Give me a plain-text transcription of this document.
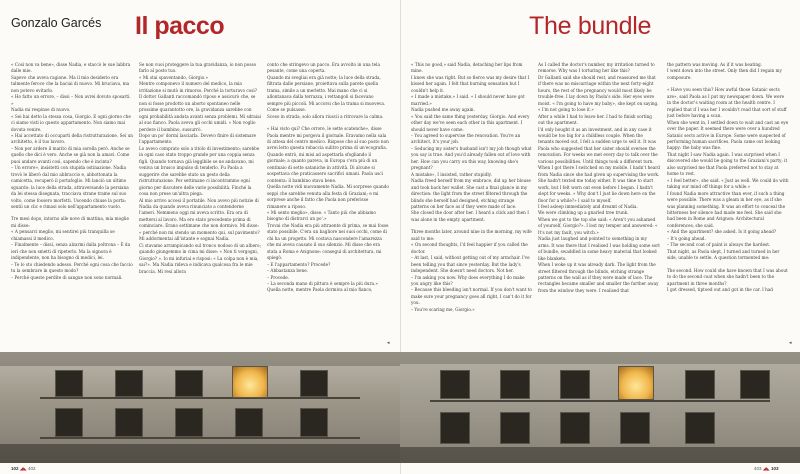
Gonzalo Garcés Il pacco

« Così non va bene», disse Nadia, e staccò le sue labbra dalle mie.

Sapevo che aveva ragione. Ma il mio desiderio era talmente feroce che la baciai di nuovo. Mi bruciava, ma non potevo evitarlo.

« Ho fatto un errore, – dissi – Non avrei dovuto sposarti. »

Nadia mi respinse di nuovo.

« Sei hai detto la stessa cosa, Giorgio. E ogni giorno che ci siamo visti io questo appartamento. Non siamo mai dovuta venire.

« Hai accettato di occuparti della ristrutturazione. Sei un architetto, è il tuo lavoro.

– Non per ardere il marito di mia sorella però. Anche se quello che dici è vero. Anche se già non la amavi. Come puoi andare avanti così, sapendo che è incinta?

– Un errore», insistetti con stupida ostinazione. Nadia trovò le liberò dal mio abbraccio e, abbottonata la camicetta, recuperò il portafoglio. Mi lanciò un ultimo sguardo: la luce della strada, attraversando la persiana da lei stessa disegnata, tracciava strane trame sul suo volto, come fossero morfetti. Uscendo chiuse la porta: sentii un clic e rimasi solo nell'appartamento vuoto.

Tre mesi dopo, intorno alle nove di mattina, mia moglie mi disse:

« A pensarci meglio, mi sentirei più tranquilla se chiamassi il medico.

– Finalmente – dissi, senza alzarmi dalla poltrona – È da ieri che non smetti di ripeterlo. Ma la signora è indipendente, non ha bisogno di medici, lei.

– Te lo sto chiedendo adesso. Perché ogni cosa che faccio tu la sembrare in questo modo?

– Perché queste perdite di sangue non sono normali.

Se non vuoi proteggere la tua gravidanza, io non posso farlo al posto tuo.

« Mi stai spaventando, Giorgio.»

Mentre componevo il numero del medico, la mia irritazione si mutò in rimorso. Perché la torturavo così? Il dottor Gallanti raccomandò riposo e assicurò che, se non si fosse prodotto un aborto spontaneo nelle prossime quarantotto ore, la gravidanza sarebbe con ogni probabilità andata avanti senza problemi. Mi sdraiai al suo fianco. Paola aveva gli occhi umidi. « Non voglio perdere il bambino, sussurrò.

Dopo un po' dormì lasciarla. Dovevo finire di sistemare l'appartamento.

Lo avevo comprato solo a titolo di investimento; sarebbe in ogni caso stato troppo grande per una coppia senza figli. Quando tornava già leggibile se ne andavano, mi veniva un brusco impulso di tenderlo. Fu Paola a suggerire che sarebbe stato un gesto della ristrutturazione. Per settimane ci incontrammo ogni giorno per discutere delle varie possibilità. Finché la cosa non prese un'altra piega.

Al mio arrivo accesi il portatile. Non avevo più notizie di Nadia da quando aveva rinunciato a contenderne l'ameri. Nemmeno oggi mi aveva scritto. Era ora di mettersi al lavoro. Ma ero stato precedente prima di cominciare. Erano settimane che non dormivo. Mi disse: « perché non mi stendo un momento qui, sul pavimento?

Mi addormentai all'istante e sognai Nadia.

Ci stavamo arrampicando sul tronco nodoso di un albero; quando giungemmo in cima mi disse: « Non ti vergogni, Giorgio? ». Io mi infuriai e risposi: « La colpa non è mia, sai?». Ma Nadia rideva e indicava qualcosa fra le mie braccia. Mi resi allora

conto che stringevo un pacco. Era avvolto in una tela pesante, come una coperta.

Quando mi svegliai era già notte; la luce della strada, filtrata dalle persiane, proiettava sulla parete quella trama, simile a un merletto. Mai mano che ci si allontanava dalla terrazza, i rettangoli si facevano sempre più piccoli. Mi accorsi che la trama si muoveva. Come se pulsasse.

Sceso in strada, solo allora riuscii a ritrovare la calma.

« Hai visto qui? Che orrore, le sette scatenche», disse Paola mentre mi porgeva il giornale. Eravamo nella sala di attesa del centro medico. Rispose che al suo posto non avrei letto questa robaccia sulitro prima di un'ecografia.

Quando entrò, mi misi ad aspettarla sfogliando il giornale; a quanto pareva, in Europa c'era più di un centinaio di sette sataniche in attività. Di alcune si sospettava che praticassero sacrifici umani. Paola uscì contenta: il bambino stava bene.

Quella notte vidi nuovamente Nadia. Mi sorprese quando seppi che sarebbe venuta alla festa di Graziani; e mi sorprese anche il fatto che Paola non preferisse rimanere a riposo.

« Mi sento meglio», disse. « Tanto più che abbiamo bisogno di distrarci un po'.»

Trovai che Nadia era più attraente di prima, se mai fosse stato possibile. C'era un bagliore nei suoi occhi, come di chi ha un progetto. Mi costava nascondere l'amarezza che mi aveva causato il suo silenzio. Mi disse che era stata a Roma e Avignone: conseguì di architettura, mi spiegò.

– E l'appartamento? Procede?

– Abbastanza bene.

– Procede.

– La seconda mano di pittura è sempre la più dura.»

Quella notte, mentre Paola dormiva al mio fianco,

◂
The bundle

« This no good,» said Nadia, detaching her lips from mine.

I knew she was right. But so fierce was my desire that I kissed her again. I felt that burning sensation but I couldn't help it.

« I made a mistake,» I said. « I should never have got married.»

Nadia pushed me away again.

« You said the same thing yesterday, Giorgio. And every other day we've seen each other in this apartment. I should never have come.

– You agreed to supervise the renovation. You're an architect, it's your job.

– Seducing my sister's husband isn't my job though what you say is true. And you'd already fallen out of love with her. How can you carry on this way, knowing she's pregnant?

A mistake», I insisted, rather stupidly.

Nadia freed herself from my embrace, did up her blouse and took back her wallet. She cast a final glance in my direction: the light from the street filtered through the blinds she herself had designed, etching strange patterns on her face as if they were made of lace.

She closed the door after her. I heard a click and then I was alone in the empty apartment.

Three months later, around nine in the morning, my wife said to me:

« On second thoughts, I'd feel happier if you called the doctor.

– At last, I said, without getting out of my armchair. I've been telling you that since yesterday. But the lady's independent. She doesn't need doctors. Not her.

– I'm asking you now. Why does everything I do make you angry like this?

– Because this bleeding isn't normal. If you don't want to make sure your pregnancy goes all right, I can't do it for you.

– You're scaring me, Giorgio.»

As I called the doctor's number, my irritation turned to remorse. Why was I torturing her like this?

Dr Gallanti said she should rest, and reassured me that if there was no miscarriage within the next forty-eight hours, the rest of the pregnancy would most likely be trouble-free. I lay down by Paola's side. Her eyes were moist. « I'm going to have my baby», she kept on saying. « I'm not going to lose it.»

After a while I had to leave her. I had to finish sorting out the apartment.

I'd only bought it as an investment, and in any case it would be too big for a childless couple. When the tenants moved out, I felt a sudden urge to sell it. It was Paola who suggested that her sister should oversee the renovation. For weeks we met every day to talk over the various possibilities. Until things took a different turn.

When I got there I switched on my mobile. I hadn't heard from Nadia since she had given up supervising the work. She hadn't texted me today either. It was time to start work, but I felt worn out even before I began. I hadn't slept for weeks. « Why don't I just lie down here on the floor for a while?» I said to myself.

I feel asleep immediately and dreamt of Nadia.

We were climbing up a gnarled tree trunk.

When we got to the top she said: « Aren't you ashamed of yourself, Giorgio?». I lost my temper and answered: « It's not my fault, you witch.»

Nadia just laughed and pointed to something in my arms. It was there that I realised I was holding some sort of bundle, swaddled in some heavy material that looked like blankets.

When I woke up it was already dark. The light from the street filtered through the blinds, etching strange patterns on the wall as if they were made of lace. The rectangles became smaller and smaller the further away from the window they were. I realised that

the pattern was moving. As if it was beating.

I went down into the street. Only then did I regain my composure.

« Have you seen this? How awful those Satanic sects are», said Paola as I put my newspaper down. We were in the doctor's waiting room at the health centre. I replied that if I was her I wouldn't read that sort of stuff just before having a scan.

When she went in, I settled down to wait and cast an eye over the paper. It seemed there were over a hundred Satanic sects active in Europe. Some were suspected of performing human sacrifices. Paola came out looking happy: the baby was fine.

That night I saw Nadia again. I was surprised when I discovered she would be going to the Graziani's party; it also surprised me that Paola preferred not to stay at home to rest.

« I feel better», she said. « Just as well. We could do with taking our mind off things for a while.»

I found Nadia more attractive than ever, if such a thing were possible. There was a gleam in her eye, as if she was planning something. It was an effort to conceal the bitterness her silence had made me feel. She said she had been in Rome and Avignon: Architectural conferences, she said.

« And the apartment? she asked. Is it going ahead?

– It's going ahead.

– The second coat of paint is always the hardest.

That night, as Paola slept, I turned and turned in her side, unable to settle. A question tormented me:

The second. How could she have known that I was about to do the second coat when she hadn't been to the apartment in three months?

I got dressed, tiptoed out and got in the car. I had

◂
102 ◢◣ 402	403 ◢◣ 103
